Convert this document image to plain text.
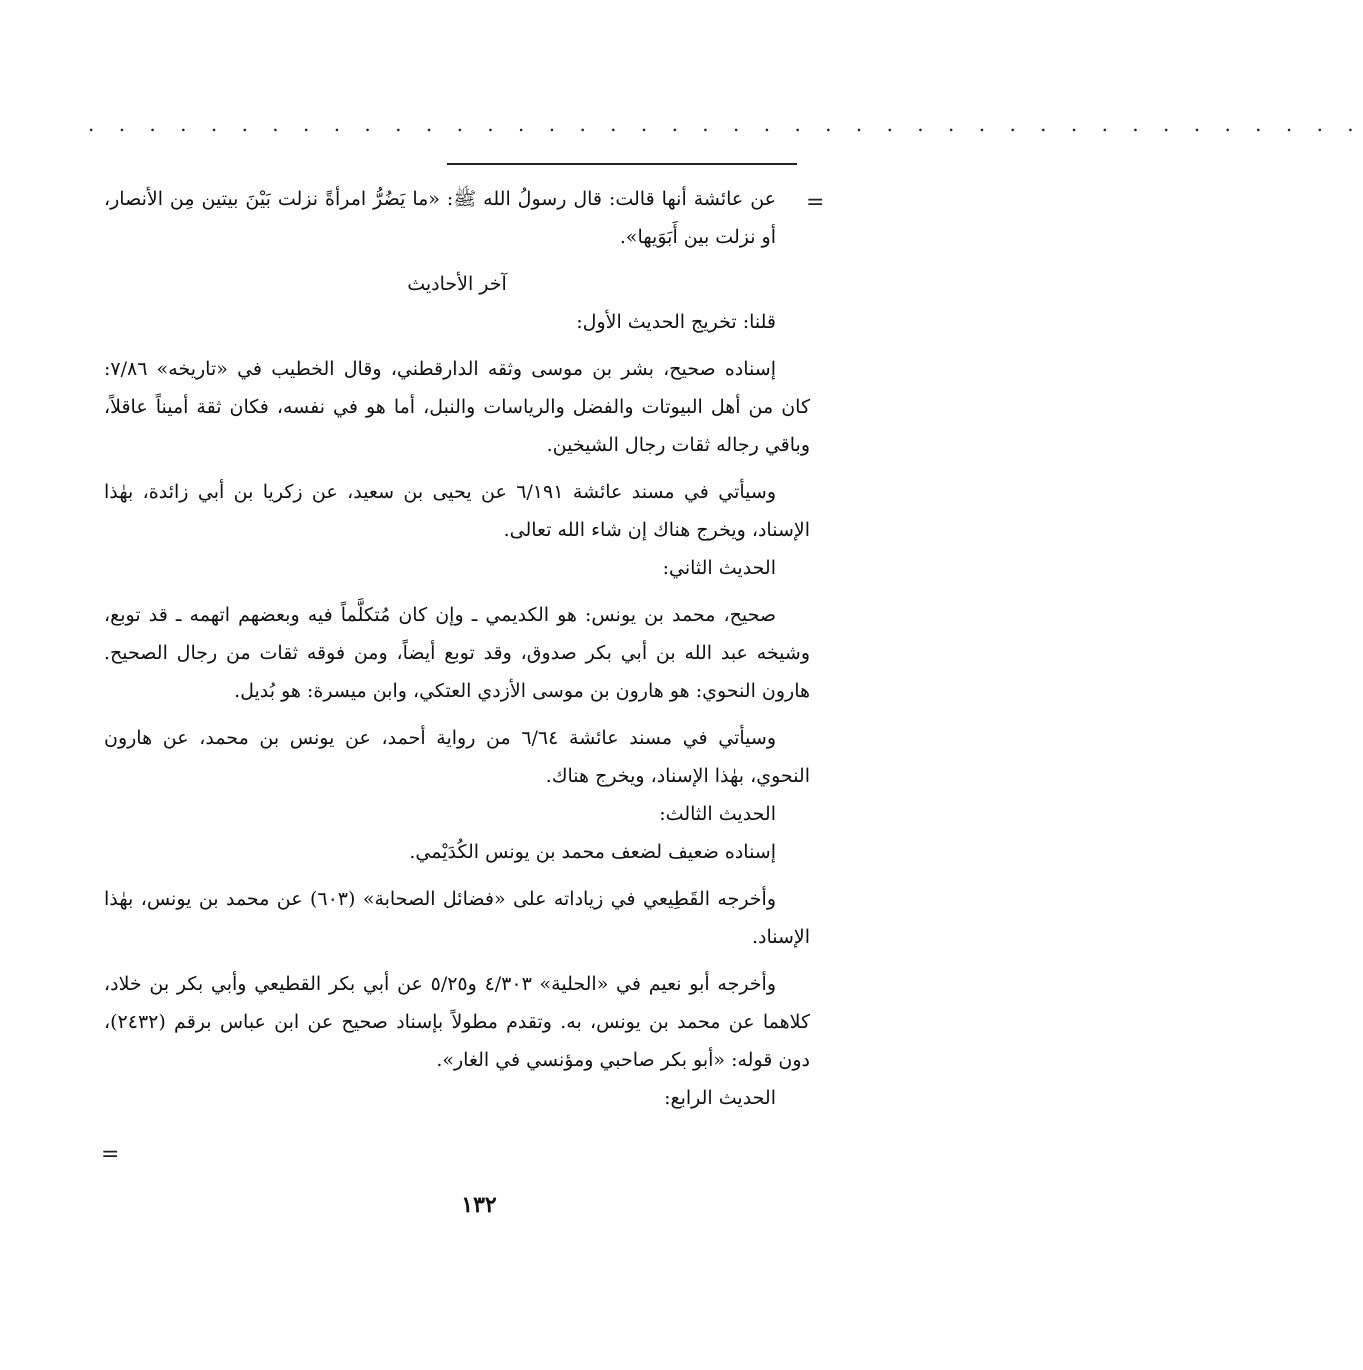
. . . . . . . . . . . . . . . . . . . . . . . . . . . . . . . . . . . . . . . . . .
=

عن عائشة أنها قالت: قال رسولُ الله ﷺ: «ما يَضُرُّ امرأةً نزلت بَيْنَ بيتين مِن الأنصار، أو نزلت بين أَبَوَيها».

آخر الأحاديث

قلنا: تخريج الحديث الأول:

إسناده صحيح، بشر بن موسى وثقه الدارقطني، وقال الخطيب في «تاريخه» ٧/٨٦: كان من أهل البيوتات والفضل والرياسات والنبل، أما هو في نفسه، فكان ثقة أميناً عاقلاً، وباقي رجاله ثقات رجال الشيخين.

وسيأتي في مسند عائشة ٦/١٩١ عن يحيى بن سعيد، عن زكريا بن أبي زائدة، بهٰذا الإسناد، ويخرج هناك إن شاء الله تعالى.

الحديث الثاني:

صحيح، محمد بن يونس: هو الكديمي ـ وإن كان مُتكلَّماً فيه وبعضهم اتهمه ـ قد توبع، وشيخه عبد الله بن أبي بكر صدوق، وقد توبع أيضاً، ومن فوقه ثقات من رجال الصحيح. هارون النحوي: هو هارون بن موسى الأزدي العتكي، وابن ميسرة: هو بُديل.

وسيأتي في مسند عائشة ٦/٦٤ من رواية أحمد، عن يونس بن محمد، عن هارون النحوي، بهٰذا الإسناد، ويخرج هناك.

الحديث الثالث:

إسناده ضعيف لضعف محمد بن يونس الكُدَيْمي.

وأخرجه القَطِيعي في زياداته على «فضائل الصحابة» (٦٠٣) عن محمد بن يونس، بهٰذا الإسناد.

وأخرجه أبو نعيم في «الحلية» ٤/٣٠٣ و٥/٢٥ عن أبي بكر القطيعي وأبي بكر بن خلاد، كلاهما عن محمد بن يونس، به. وتقدم مطولاً بإسناد صحيح عن ابن عباس برقم (٢٤٣٢)، دون قوله: «أبو بكر صاحبي ومؤنسي في الغار».

الحديث الرابع:

=
١٣٢
